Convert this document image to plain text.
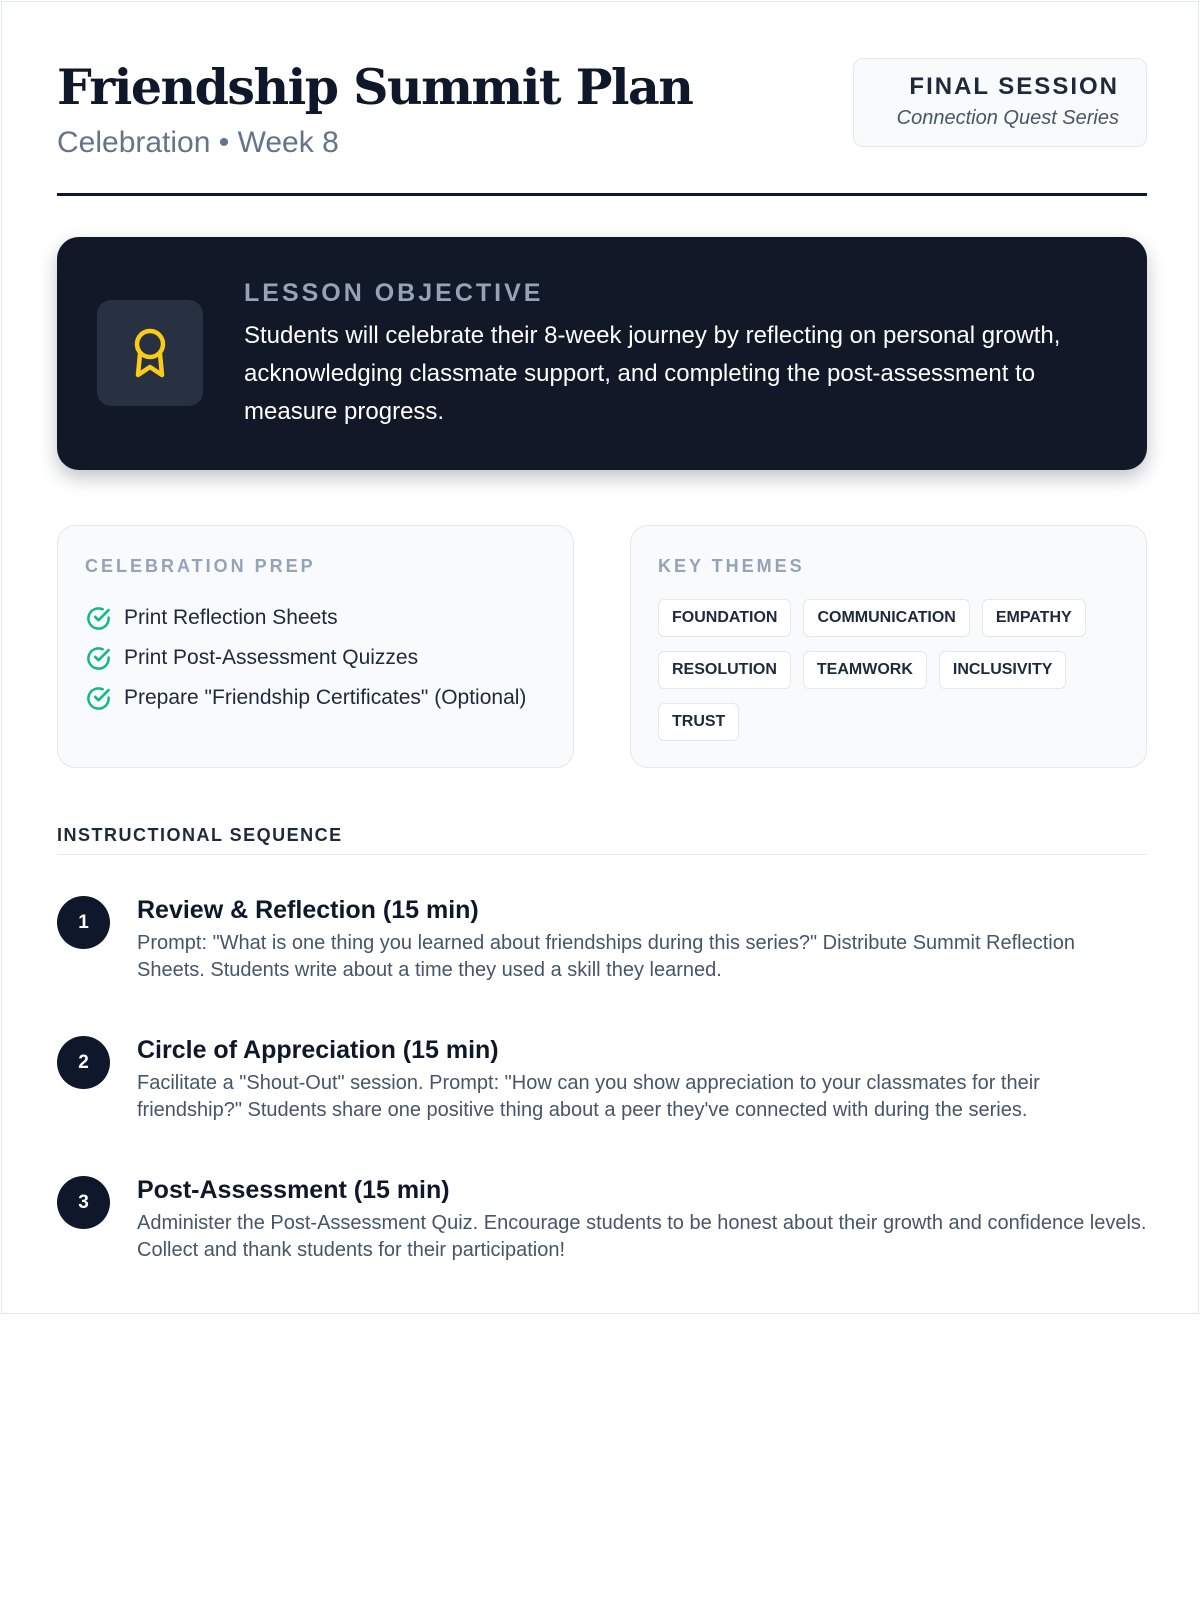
Friendship Summit Plan
Celebration • Week 8
FINAL SESSION
Connection Quest Series
LESSON OBJECTIVE
Students will celebrate their 8-week journey by reflecting on personal growth, acknowledging classmate support, and completing the post-assessment to measure progress.
CELEBRATION PREP
Print Reflection Sheets
Print Post-Assessment Quizzes
Prepare "Friendship Certificates" (Optional)
KEY THEMES
FOUNDATION	COMMUNICATION	EMPATHY
RESOLUTION	TEAMWORK	INCLUSIVITY
TRUST
INSTRUCTIONAL SEQUENCE
1	Review & Reflection (15 min)
Prompt: "What is one thing you learned about friendships during this series?" Distribute Summit Reflection Sheets. Students write about a time they used a skill they learned.
2	Circle of Appreciation (15 min)
Facilitate a "Shout-Out" session. Prompt: "How can you show appreciation to your classmates for their friendship?" Students share one positive thing about a peer they've connected with during the series.
3	Post-Assessment (15 min)
Administer the Post-Assessment Quiz. Encourage students to be honest about their growth and confidence levels. Collect and thank students for their participation!
